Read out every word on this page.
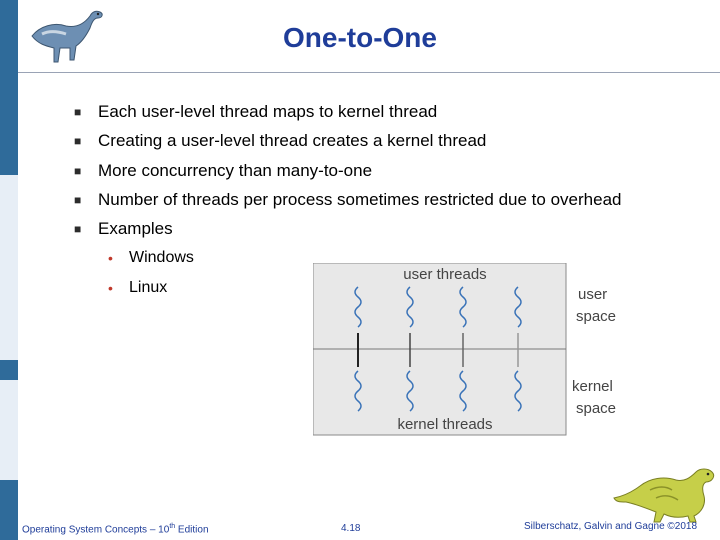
One-to-One
■ Each user-level thread maps to kernel thread
■ Creating a user-level thread creates a kernel thread
■ More concurrency than many-to-one
■ Number of threads per process sometimes restricted due to overhead
■ Examples
• Windows
• Linux
user threads
kernel threads
user
space
kernel
space
Operating System Concepts – 10th Edition	4.18	Silberschatz, Galvin and Gagne ©2018
